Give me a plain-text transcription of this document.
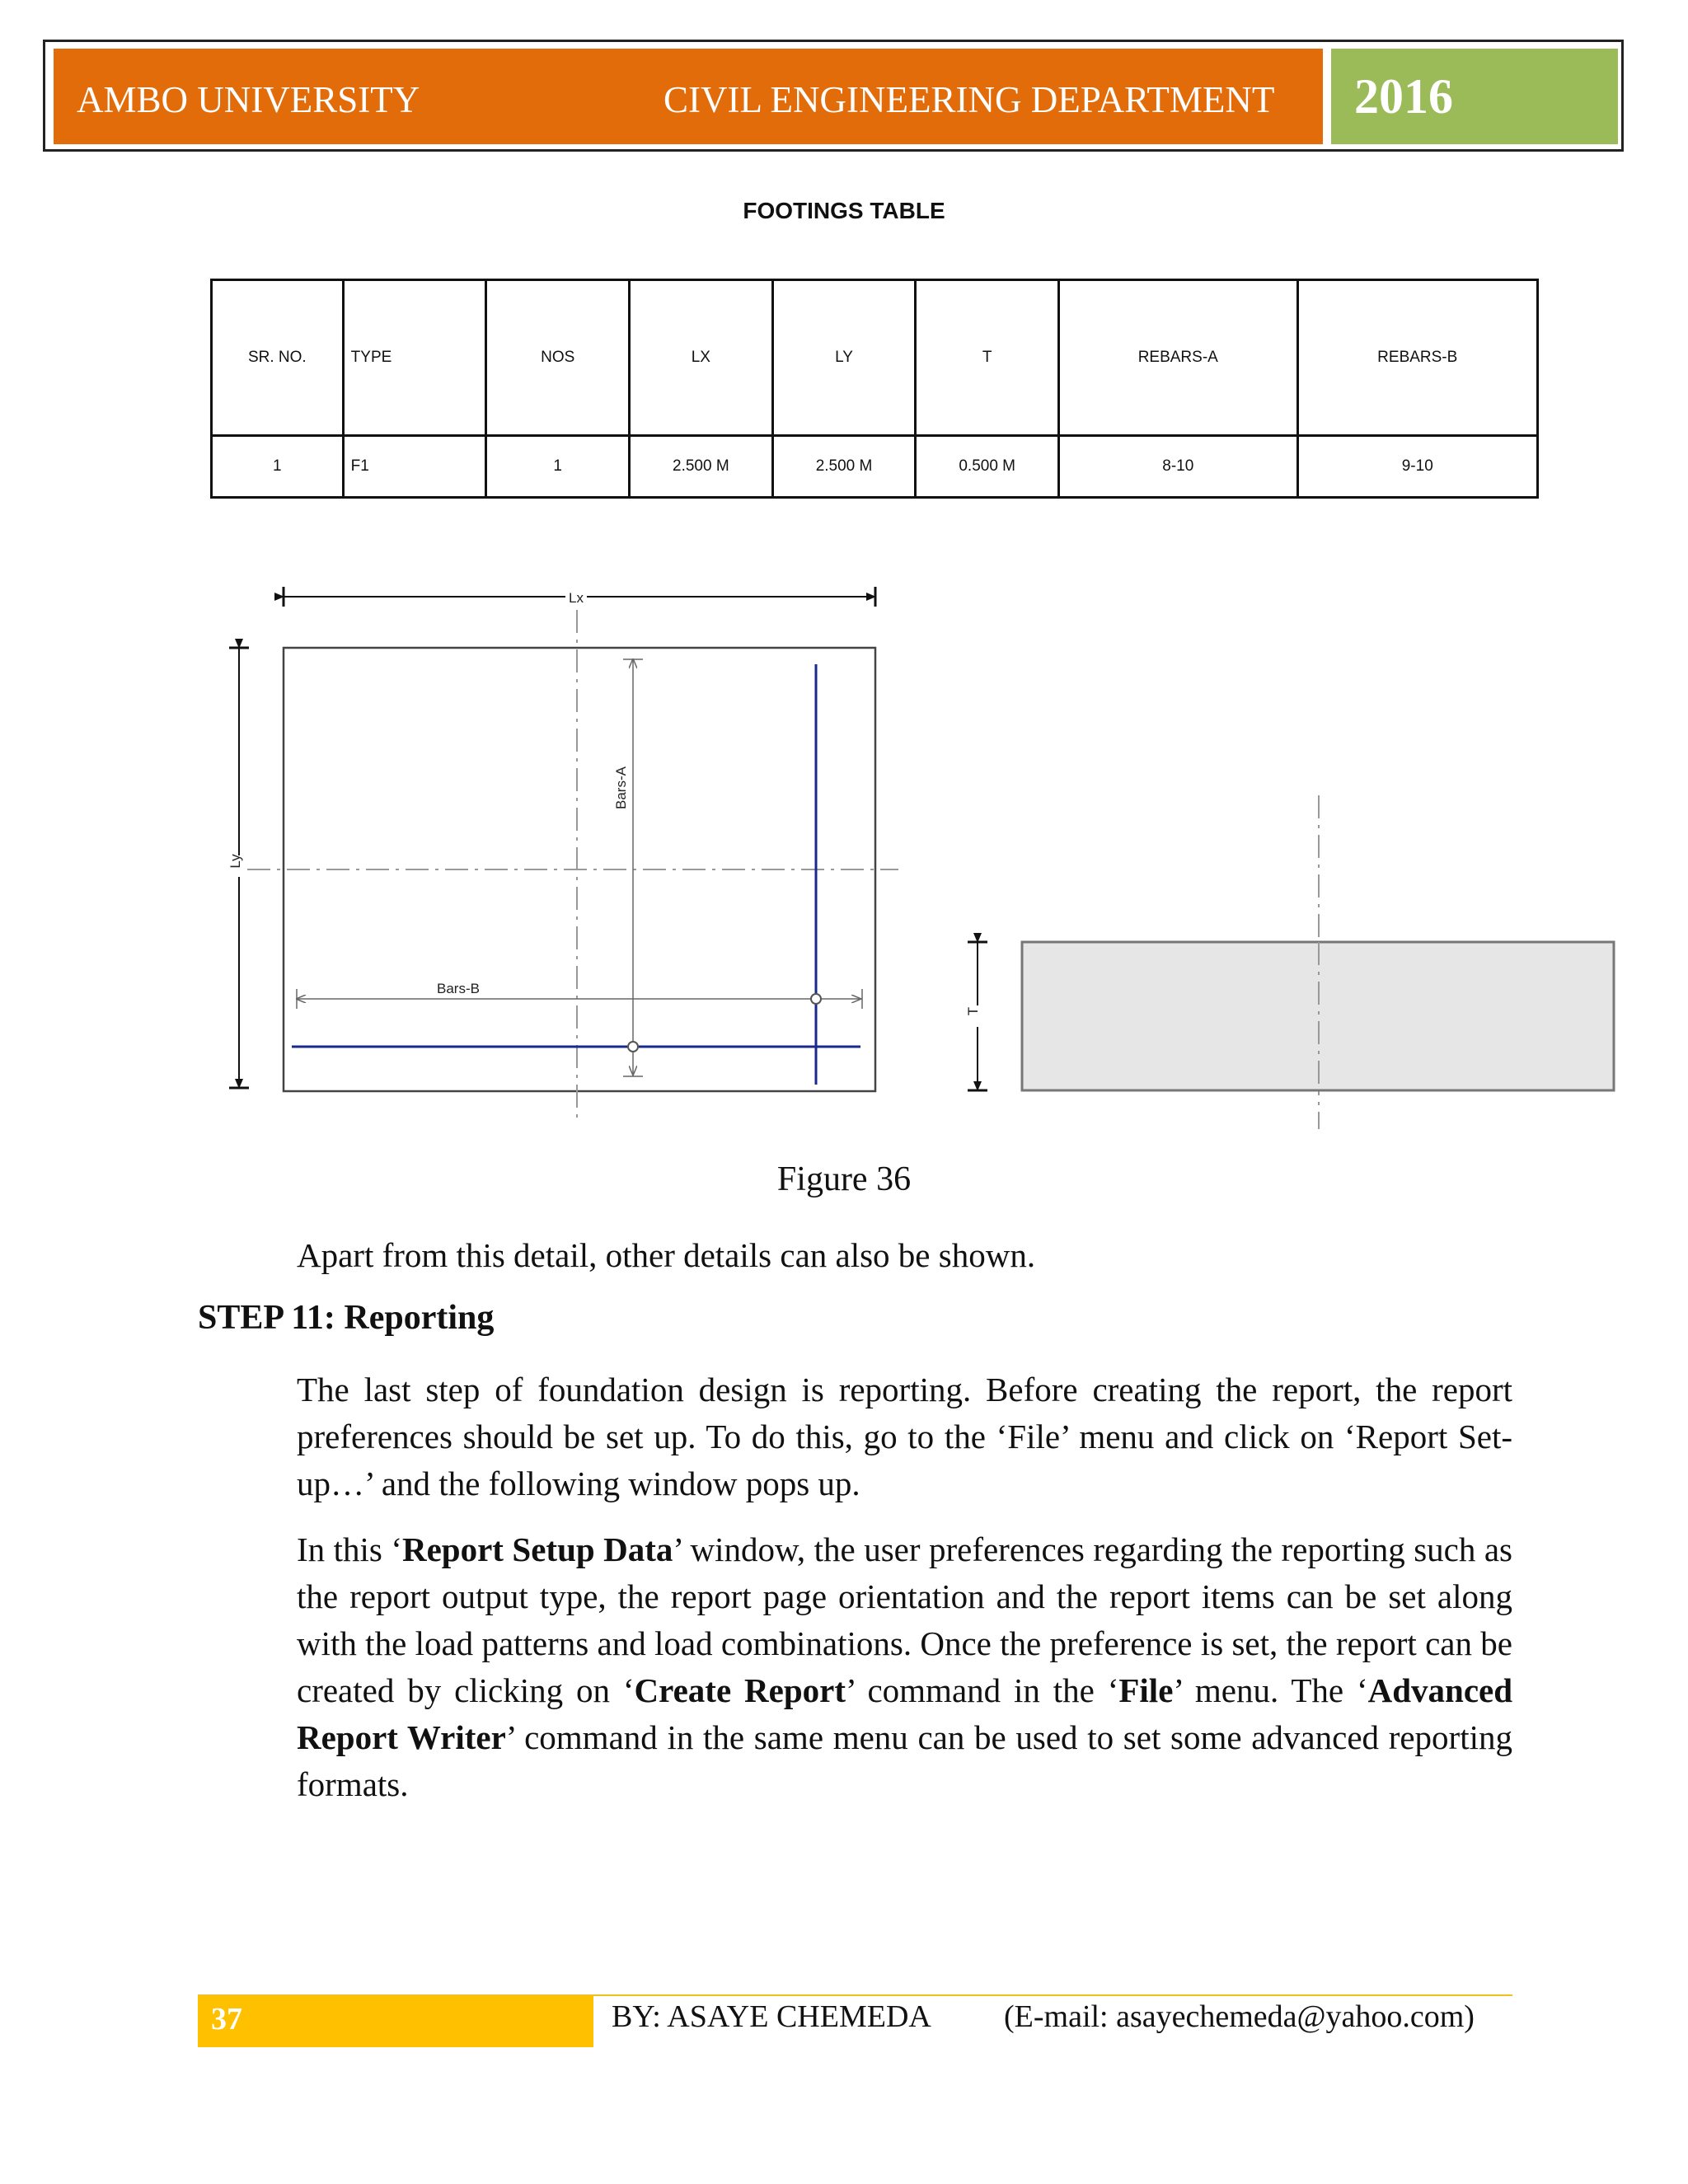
AMBO UNIVERSITY	CIVIL ENGINEERING DEPARTMENT 2016
FOOTINGS TABLE
SR. NO.	TYPE	NOS	LX	LY	T	REBARS-A	REBARS-B
1	F1	1	2.500 M	2.500 M	0.500 M	8-10	9-10
Lx
Ly
Bars-A
Bars-B
T
Figure 36
Apart from this detail, other details can also be shown.
STEP 11: Reporting
The last step of foundation design is reporting. Before creating the report, the report preferences should be set up. To do this, go to the ‘File’ menu and click on ‘Report Set-up…’ and the following window pops up.
In this ‘Report Setup Data’ window, the user preferences regarding the reporting such as the report output type, the report page orientation and the report items can be set along with the load patterns and load combinations. Once the preference is set, the report can be created by clicking on ‘Create Report’ command in the ‘File’ menu. The ‘Advanced Report Writer’ command in the same menu can be used to set some advanced reporting formats.
37	BY: ASAYE CHEMEDA (E-mail: asayechemeda@yahoo.com)
